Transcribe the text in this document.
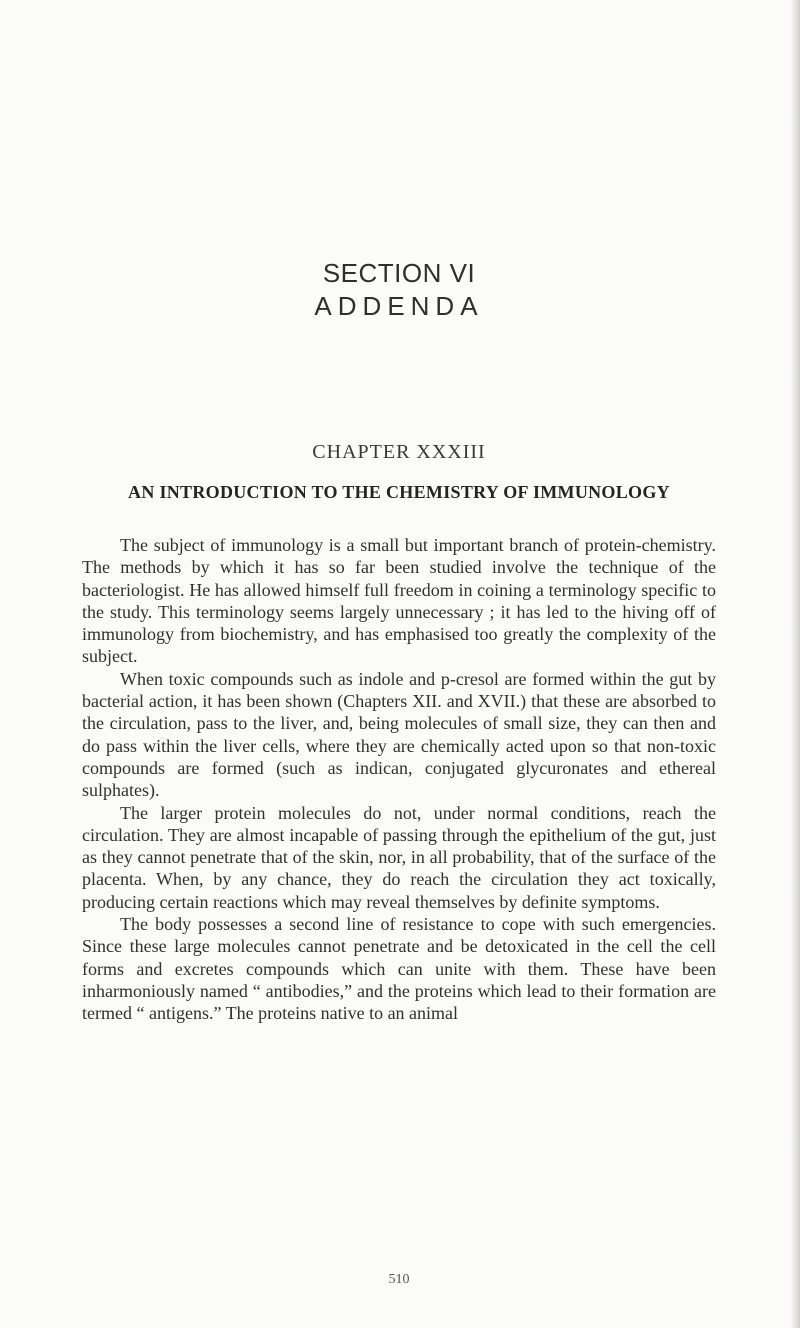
SECTION VI
ADDENDA
CHAPTER XXXIII
AN INTRODUCTION TO THE CHEMISTRY OF IMMUNOLOGY

The subject of immunology is a small but important branch of protein-chemistry. The methods by which it has so far been studied involve the technique of the bacteriologist. He has allowed himself full freedom in coining a terminology specific to the study. This terminology seems largely unnecessary ; it has led to the hiving off of immunology from biochemistry, and has emphasised too greatly the complexity of the subject.

When toxic compounds such as indole and p-cresol are formed within the gut by bacterial action, it has been shown (Chapters XII. and XVII.) that these are absorbed to the circulation, pass to the liver, and, being molecules of small size, they can then and do pass within the liver cells, where they are chemically acted upon so that non-toxic compounds are formed (such as indican, conjugated glycuronates and ethereal sulphates).

The larger protein molecules do not, under normal conditions, reach the circulation. They are almost incapable of passing through the epithelium of the gut, just as they cannot penetrate that of the skin, nor, in all probability, that of the surface of the placenta. When, by any chance, they do reach the circulation they act toxically, producing certain reactions which may reveal themselves by definite symptoms.

The body possesses a second line of resistance to cope with such emergencies. Since these large molecules cannot penetrate and be detoxicated in the cell the cell forms and excretes compounds which can unite with them. These have been inharmoniously named “ antibodies,” and the proteins which lead to their formation are termed “ antigens.” The proteins native to an animal

510
